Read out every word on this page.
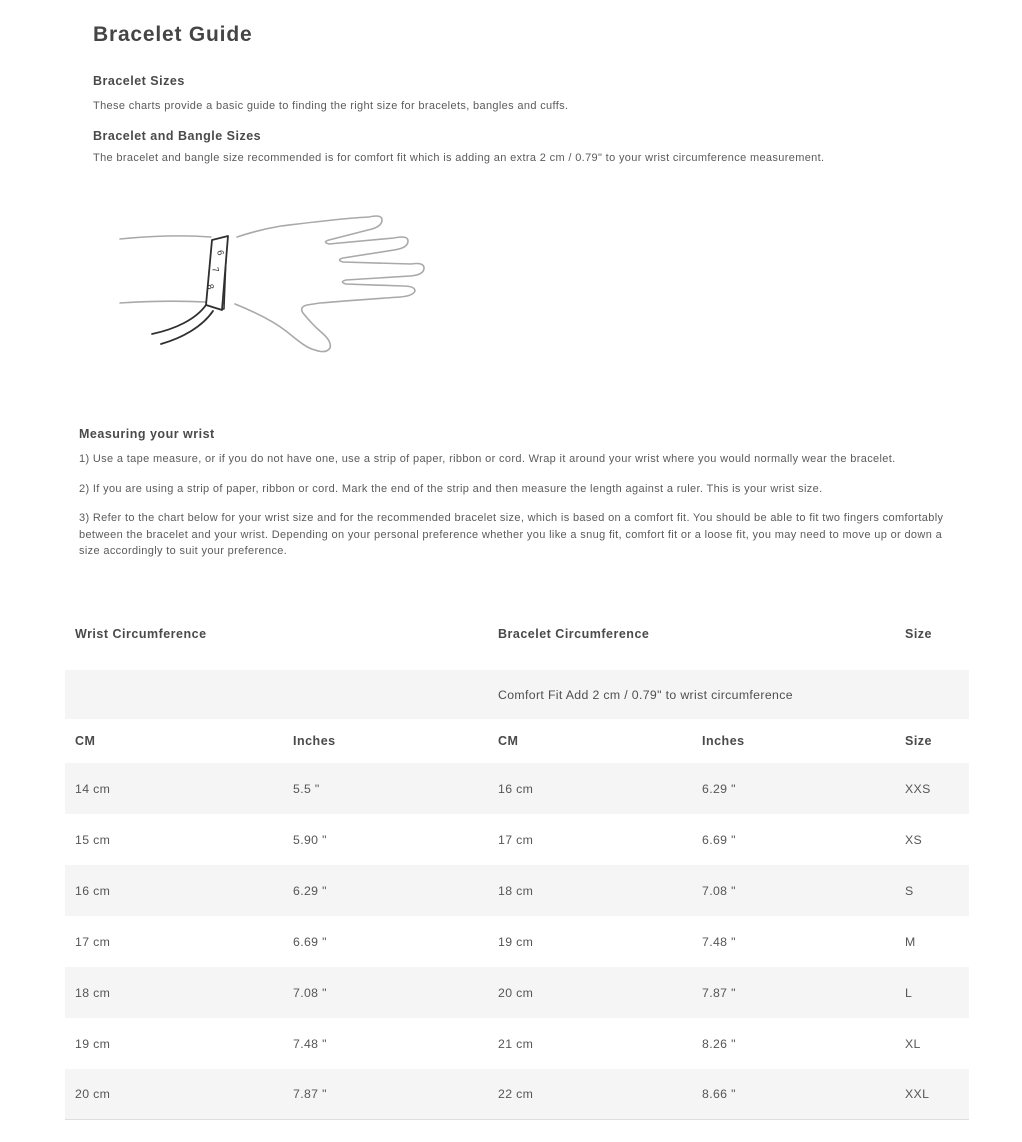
Bracelet Guide
Bracelet Sizes

These charts provide a basic guide to finding the right size for bracelets, bangles and cuffs.

Bracelet and Bangle Sizes

The bracelet and bangle size recommended is for comfort fit which is adding an extra 2 cm / 0.79" to your wrist circumference measurement.

6
7
8
Measuring your wrist

1) Use a tape measure, or if you do not have one, use a strip of paper, ribbon or cord. Wrap it around your wrist where you would normally wear the bracelet.

2) If you are using a strip of paper, ribbon or cord. Mark the end of the strip and then measure the length against a ruler. This is your wrist size.

3) Refer to the chart below for your wrist size and for the recommended bracelet size, which is based on a comfort fit. You should be able to fit two fingers comfortably between the bracelet and your wrist. Depending on your personal preference whether you like a snug fit, comfort fit or a loose fit, you may need to move up or down a size accordingly to suit your preference.

Wrist Circumference	Bracelet Circumference	Size
Comfort Fit Add 2 cm / 0.79" to wrist circumference
CM	Inches	CM	Inches	Size
14 cm	5.5 "	16 cm	6.29 "	XXS
15 cm	5.90 "	17 cm	6.69 "	XS
16 cm	6.29 "	18 cm	7.08 "	S
17 cm	6.69 "	19 cm	7.48 "	M
18 cm	7.08 "	20 cm	7.87 "	L
19 cm	7.48 "	21 cm	8.26 "	XL
20 cm	7.87 "	22 cm	8.66 "	XXL
